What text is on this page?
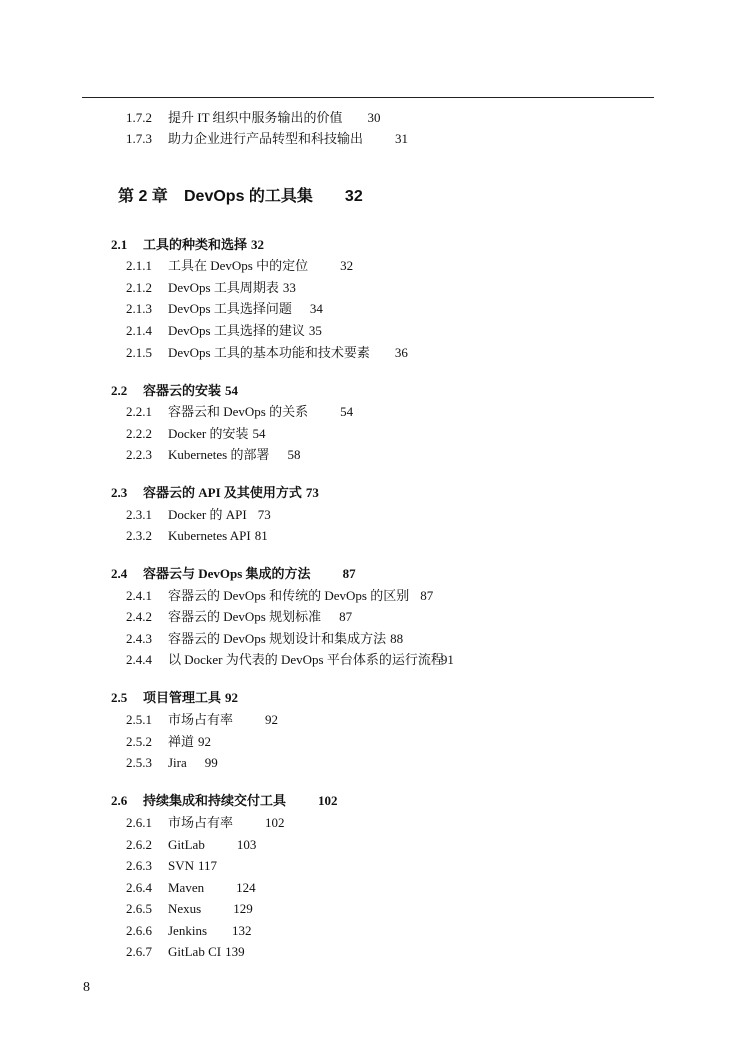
1.7.2 提升 IT 组织中服务输出的价值 30
1.7.3 助力企业进行产品转型和科技输出 31
第 2 章 DevOps 的工具集 32
2.1 工具的种类和选择 32
2.1.1 工具在 DevOps 中的定位 32
2.1.2 DevOps 工具周期表 33
2.1.3 DevOps 工具选择问题 34
2.1.4 DevOps 工具选择的建议 35
2.1.5 DevOps 工具的基本功能和技术要素 36
2.2 容器云的安装 54
2.2.1 容器云和 DevOps 的关系 54
2.2.2 Docker 的安装 54
2.2.3 Kubernetes 的部署 58
2.3 容器云的 API 及其使用方式 73
2.3.1 Docker 的 API 73
2.3.2 Kubernetes API 81
2.4 容器云与 DevOps 集成的方法 87
2.4.1 容器云的 DevOps 和传统的 DevOps 的区别 87
2.4.2 容器云的 DevOps 规划标准 87
2.4.3 容器云的 DevOps 规划设计和集成方法 88
2.4.4 以 Docker 为代表的 DevOps 平台体系的运行流程91
2.5 项目管理工具 92
2.5.1 市场占有率 92
2.5.2 禅道 92
2.5.3 Jira 99
2.6 持续集成和持续交付工具 102
2.6.1 市场占有率 102
2.6.2 GitLab 103
2.6.3 SVN 117
2.6.4 Maven 124
2.6.5 Nexus 129
2.6.6 Jenkins 132
2.6.7 GitLab CI 139
8
